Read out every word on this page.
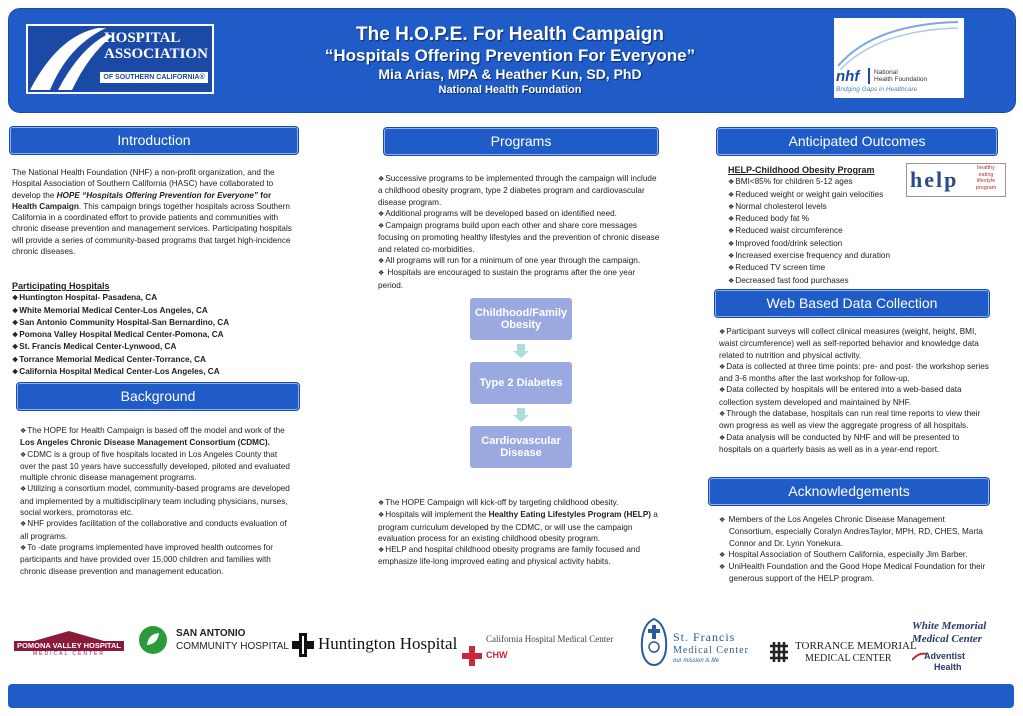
HOSPITAL
ASSOCIATION
OF SOUTHERN CALIFORNIA®
The H.O.P.E. For Health Campaign
“Hospitals Offering Prevention For Everyone”
Mia Arias, MPA & Heather Kun, SD, PhD
National Health Foundation
nhf National
Health Foundation
Bridging Gaps in Healthcare
Introduction

The National Health Foundation (NHF) a non-profit organization, and the Hospital Association of Southern California (HASC) have collaborated to develop the HOPE “Hospitals Offering Prevention for Everyone” for Health Campaign. This campaign brings together hospitals across Southern California in a coordinated effort to provide patients and communities with chronic disease prevention and management services. Participating hospitals will provide a series of community-based programs that target high-incidence chronic diseases.

Participating Hospitals

❖ Huntington Hospital- Pasadena, CA

❖ White Memorial Medical Center-Los Angeles, CA

❖ San Antonio Community Hospital-San Bernardino, CA

❖ Pomona Valley Hospital Medical Center-Pomona, CA

❖ St. Francis Medical Center-Lynwood, CA

❖ Torrance Memorial Medical Center-Torrance, CA

❖ California Hospital Medical Center-Los Angeles, CA

Background

❖ The HOPE for Health Campaign is based off the model and work of the Los Angeles Chronic Disease Management Consortium (CDMC).

❖ CDMC is a group of five hospitals located in Los Angeles County that over the past 10 years have successfully developed, piloted and evaluated multiple chronic disease management programs.

❖ Utilizing a consortium model, community-based programs are developed and implemented by a multidisciplinary team including physicians, nurses, social workers, promotoras etc.

❖ NHF provides facilitation of the collaborative and conducts evaluation of all programs.

❖ To -date programs implemented have improved health outcomes for participants and have provided over 15,000 children and families with chronic disease prevention and management education.

Programs

❖ Successive programs to be implemented through the campaign will include a childhood obesity program, type 2 diabetes program and cardiovascular disease program.

❖ Additional programs will be developed based on identified need.

❖ Campaign programs build upon each other and share core messages focusing on promoting healthy lifestyles and the prevention of chronic disease and related co-morbidities.

❖ All programs will run for a minimum of one year through the campaign.

❖ Hospitals are encouraged to sustain the programs after the one year period.

Childhood/Family Obesity
Type 2 Diabetes
Cardiovascular Disease

❖ The HOPE Campaign will kick-off by targeting childhood obesity.

❖ Hospitals will implement the Healthy Eating Lifestyles Program (HELP) a program curriculum developed by the CDMC, or will use the campaign evaluation process for an existing childhood obesity program.

❖ HELP and hospital childhood obesity programs are family focused and emphasize life-long improved eating and physical activity habits.

Anticipated Outcomes

HELP-Childhood Obesity Program

❖ BMI<85% for children 5-12 ages

❖ Reduced weight or weight gain velocities

❖ Normal cholesterol levels

❖ Reduced body fat %

❖ Reduced waist circumference

❖ Improved food/drink selection

❖ Increased exercise frequency and duration

❖ Reduced TV screen time

❖ Decreased fast food purchases

help	healthy
eating
lifestyle
program
Web Based Data Collection

❖ Participant surveys will collect clinical measures (weight, height, BMI, waist circumference) well as self-reported behavior and knowledge data related to nutrition and physical activity.

❖ Data is collected at three time points: pre- and post- the workshop series and 3-6 months after the last workshop for follow-up.

❖ Data collected by hospitals will be entered into a web-based data collection system developed and maintained by NHF.

❖ Through the database, hospitals can run real time reports to view their own progress as well as view the aggregate progress of all hospitals.

❖ Data analysis will be conducted by NHF and will be presented to hospitals on a quarterly basis as well as in a year-end report.

Acknowledgements

❖ Members of the Los Angeles Chronic Disease Management Consortium, especially Coralyn AndresTaylor, MPH, RD, CHES, Marta Connor and Dr. Lynn Yonekura.

❖ Hospital Association of Southern California, especially Jim Barber.

❖ UniHealth Foundation and the Good Hope Medical Foundation for their generous support of the HELP program.

POMONA VALLEY HOSPITAL
MEDICAL CENTER
SAN ANTONIO
COMMUNITY HOSPITAL Huntington Hospital	California Hospital Medical Center
CHW
St. Francis
Medical Center
our mission is life
TORRANCE MEMORIAL
MEDICAL CENTER
White Memorial
Medical Center
Adventist
Health
